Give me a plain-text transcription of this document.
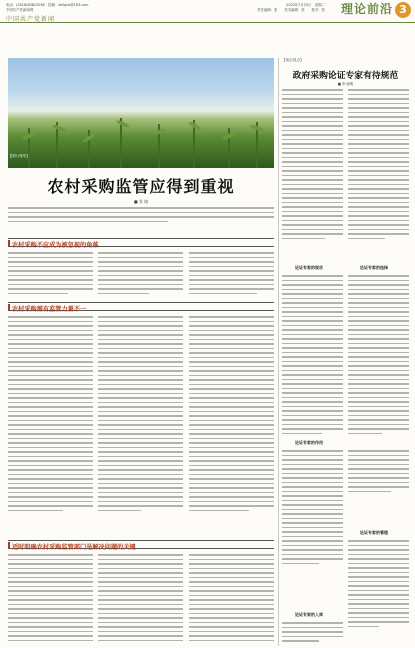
电话：(0516)83822036　投稿：zhllgcb@163.com
中国共产党新闻网
2023年7月25日　星期二
责任编辑：张　　美术编辑：张　　校对：张
中国共产党新闻
理论前沿 3
【图片/张华】
农村采购监管应得到重视
■ 张 晓
农村采购不应成为被忽视的角落
农村采购需有监管力量不一
适时明确农村采购监管部门是解决问题的关键
【前沿视点】
政府采购论证专家有待规范
■ 李 晓明
论证专家的现状	论证专家的选择
论证专家的作用
论证专家的管理
论证专家的入库
